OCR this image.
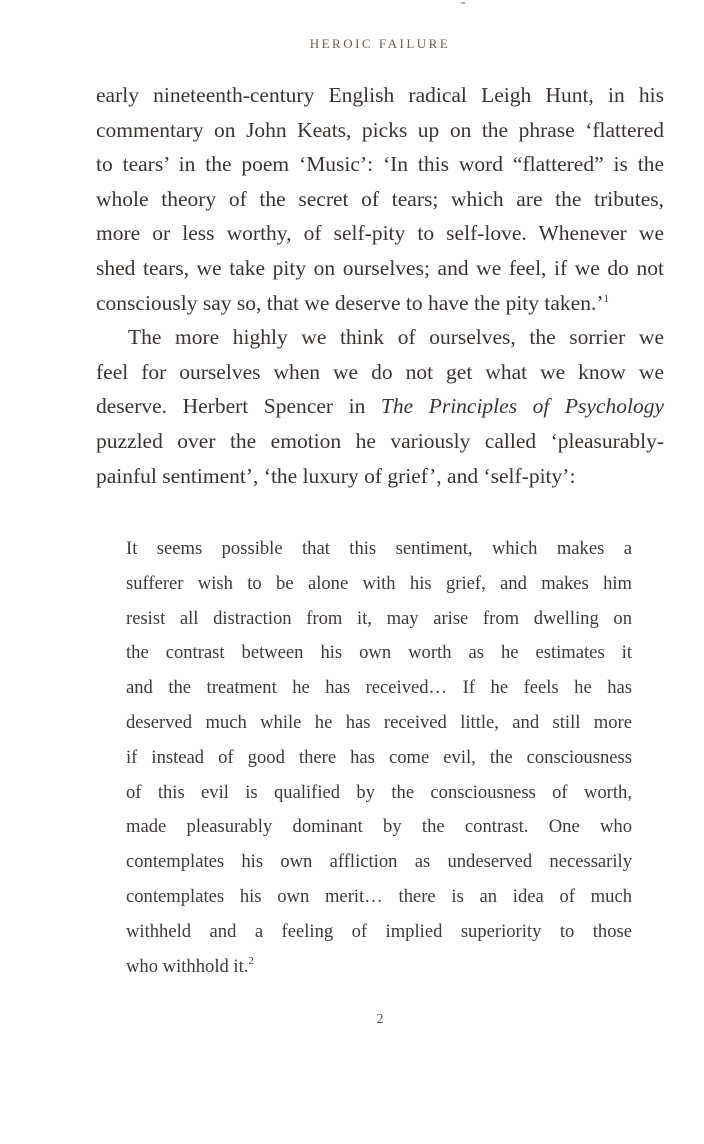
HEROIC FAILURE

early nineteenth-century English radical Leigh Hunt, in his
commentary on John Keats, picks up on the phrase ‘flattered
to tears’ in the poem ‘Music’: ‘In this word “flattered” is the
whole theory of the secret of tears; which are the tributes,
more or less worthy, of self-pity to self-love. Whenever we
shed tears, we take pity on ourselves; and we feel, if we do not
consciously say so, that we deserve to have the pity taken.’$^1$

The more highly we think of ourselves, the sorrier we
feel for ourselves when we do not get what we know we
deserve. Herbert Spencer in The Principles of Psychology
puzzled over the emotion he variously called ‘pleasurably-
painful sentiment’, ‘the luxury of grief’, and ‘self-pity’:

It seems possible that this sentiment, which makes a
sufferer wish to be alone with his grief, and makes him
resist all distraction from it, may arise from dwelling on
the contrast between his own worth as he estimates it
and the treatment he has received… If he feels he has
deserved much while he has received little, and still more
if instead of good there has come evil, the consciousness
of this evil is qualified by the consciousness of worth,
made pleasurably dominant by the contrast. One who
contemplates his own affliction as undeserved necessarily
contemplates his own merit… there is an idea of much
withheld and a feeling of implied superiority to those
who withhold it.$^2$
2
